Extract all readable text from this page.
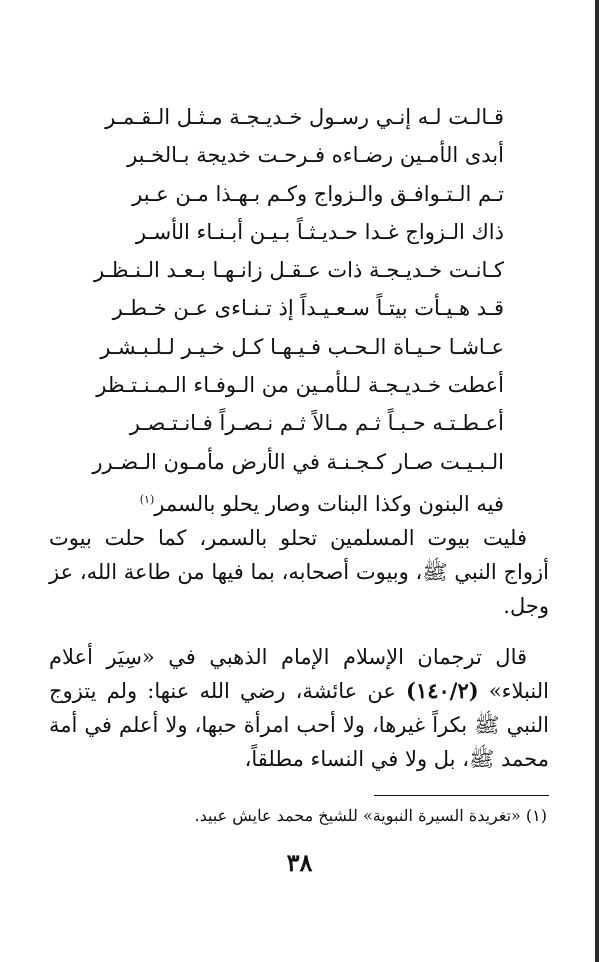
قـالـت لـه إنـي رسـول خـديـجـة مـثـل الـقـمـر
أبدى الأمـين رضـاءه فـرحـت خديجة بـالخـبر
تـم الـتـوافـق والـزواج وكـم بـهـذا مـن عـبر
ذاك الـزواج غـدا حـديـثـاً بـيـن أبـنـاء الأسـر
كـانـت خـديـجـة ذات عـقـل زانـهـا بـعـد الـنـظـر
قـد هـيـأت بيتـاً سـعـيـداً إذ تـنـاءى عـن خـطـر
عـاشـا حـيـاة الـحـب فـيـهـا كـل خـيـر لـلـبـشـر
أعطت خـديـجـة لـلأمـين من الـوفـاء الـمـنـتـظر
أعـطـتـه حـبـاً ثـم مـالاً ثـم نـصـراً فـانـتـصـر
الـبـيـت صـار كـجـنـة في الأرض مأمـون الـضـرر
فيه البنون وكذا البنات وصار يحلو بالسمر$^{(١)}$

فليت بيوت المسلمين تحلو بالسمر، كما حلت بيوت أزواج النبي ﷺ، وبيوت أصحابه، بما فيها من طاعة الله، عز وجل.

قال ترجمان الإسلام الإمام الذهبي في «سِيَر أعلام النبلاء» (١٤٠/٢) عن عائشة، رضي الله عنها: ولم يتزوج النبي ﷺ بكراً غيرها، ولا أحب امرأة حبها، ولا أعلم في أمة محمد ﷺ، بل ولا في النساء مطلقاً،

(١) «تغريدة السيرة النبوية» للشيخ محمد عايش عبيد.
٣٨
